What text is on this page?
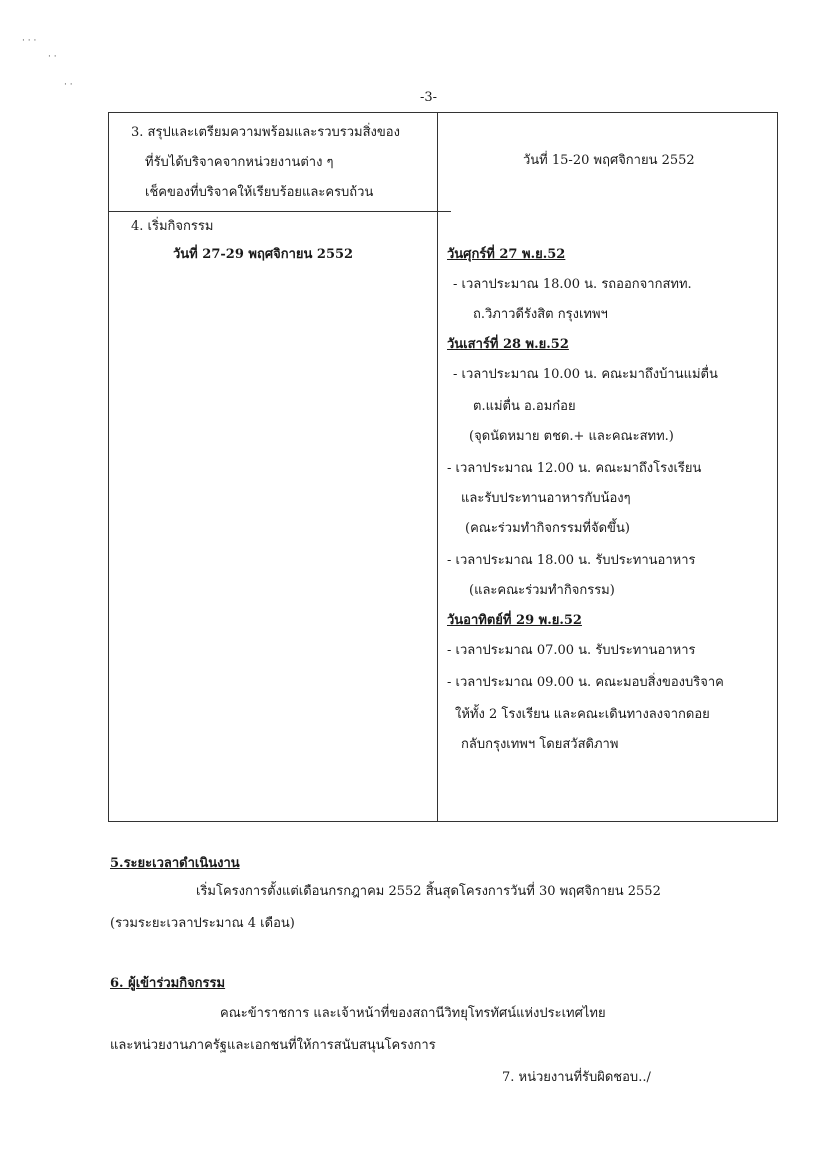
· · ·
· ·
· ·
-3-
3. สรุปและเตรียมความพร้อมและรวบรวมสิ่งของ
ที่รับได้บริจาคจากหน่วยงานต่าง ๆ
เช็คของที่บริจาคให้เรียบร้อยและครบถ้วน
วันที่ 15-20 พฤศจิกายน 2552
4. เริ่มกิจกรรม
วันที่ 27-29 พฤศจิกายน 2552	วันศุกร์ที่ 27 พ.ย.52
- เวลาประมาณ 18.00 น. รถออกจากสทท.
ถ.วิภาวดีรังสิต กรุงเทพฯ
วันเสาร์ที่ 28 พ.ย.52
- เวลาประมาณ 10.00 น. คณะมาถึงบ้านแม่ตื่น
ต.แม่ตื่น อ.อมก๋อย
(จุดนัดหมาย ตชด.+ และคณะสทท.)
- เวลาประมาณ 12.00 น. คณะมาถึงโรงเรียน
และรับประทานอาหารกับน้องๆ
(คณะร่วมทำกิจกรรมที่จัดขึ้น)
- เวลาประมาณ 18.00 น. รับประทานอาหาร
(และคณะร่วมทำกิจกรรม)
วันอาทิตย์ที่ 29 พ.ย.52
- เวลาประมาณ 07.00 น. รับประทานอาหาร
- เวลาประมาณ 09.00 น. คณะมอบสิ่งของบริจาค
ให้ทั้ง 2 โรงเรียน และคณะเดินทางลงจากดอย
กลับกรุงเทพฯ โดยสวัสดิภาพ
5.ระยะเวลาดำเนินงาน
เริ่มโครงการตั้งแต่เดือนกรกฎาคม 2552 สิ้นสุดโครงการวันที่ 30 พฤศจิกายน 2552
(รวมระยะเวลาประมาณ 4 เดือน)
6. ผู้เข้าร่วมกิจกรรม
คณะข้าราชการ และเจ้าหน้าที่ของสถานีวิทยุโทรทัศน์แห่งประเทศไทย
และหน่วยงานภาครัฐและเอกชนที่ให้การสนับสนุนโครงการ
7. หน่วยงานที่รับผิดชอบ../
